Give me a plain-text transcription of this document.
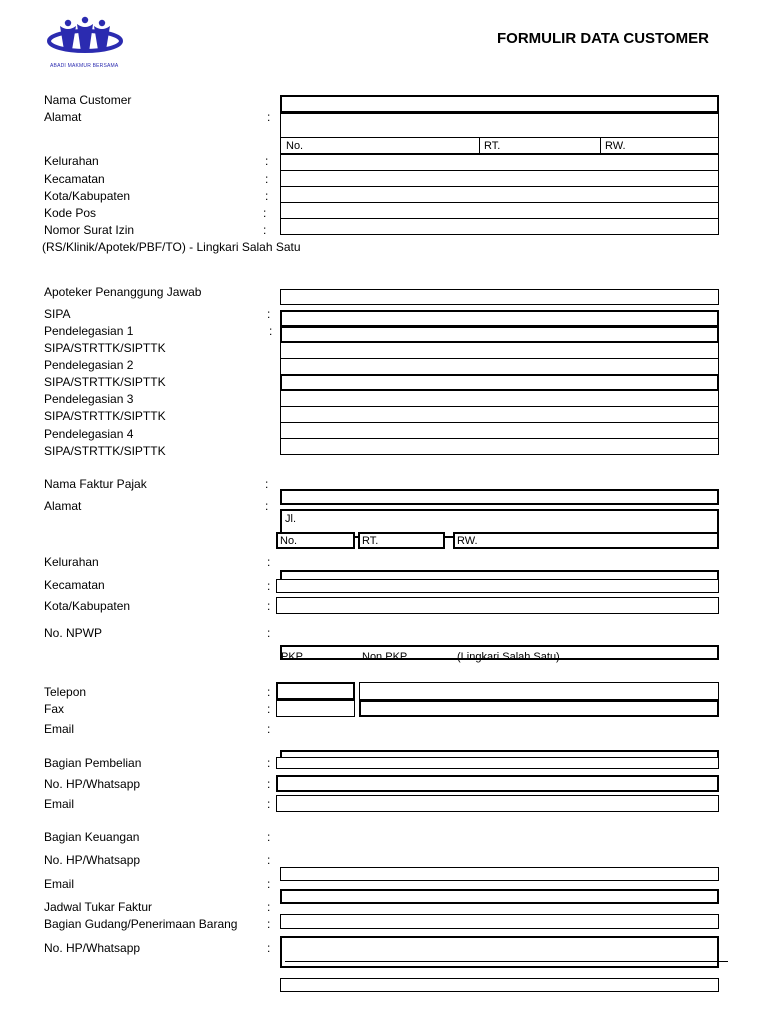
ABADI MAKMUR BERSAMA
FORMULIR DATA CUSTOMER
Nama Customer
Alamat	:
No.	RT.	RW.
Kelurahan	:
Kecamatan	:
Kota/Kabupaten	:
Kode Pos	:
Nomor Surat Izin	:
(RS/Klinik/Apotek/PBF/TO) - Lingkari Salah Satu
Apoteker Penanggung Jawab
SIPA	:
Pendelegasian 1	:
SIPA/STRTTK/SIPTTK
Pendelegasian 2
SIPA/STRTTK/SIPTTK
Pendelegasian 3
SIPA/STRTTK/SIPTTK
Pendelegasian 4
SIPA/STRTTK/SIPTTK
Nama Faktur Pajak	:
Alamat	:
Jl.
No.	RT.	RW.
Kelurahan	:
Kecamatan	:
Kota/Kabupaten	:
No. NPWP	:
PKP	Non PKP	(Lingkari Salah Satu)
Telepon	:
Fax	:
Email	:
Bagian Pembelian	:
No. HP/Whatsapp	:
Email	:
Bagian Keuangan	:
No. HP/Whatsapp	:
Email	:
Jadwal Tukar Faktur	:
Bagian Gudang/Penerimaan Barang :
No. HP/Whatsapp	:
